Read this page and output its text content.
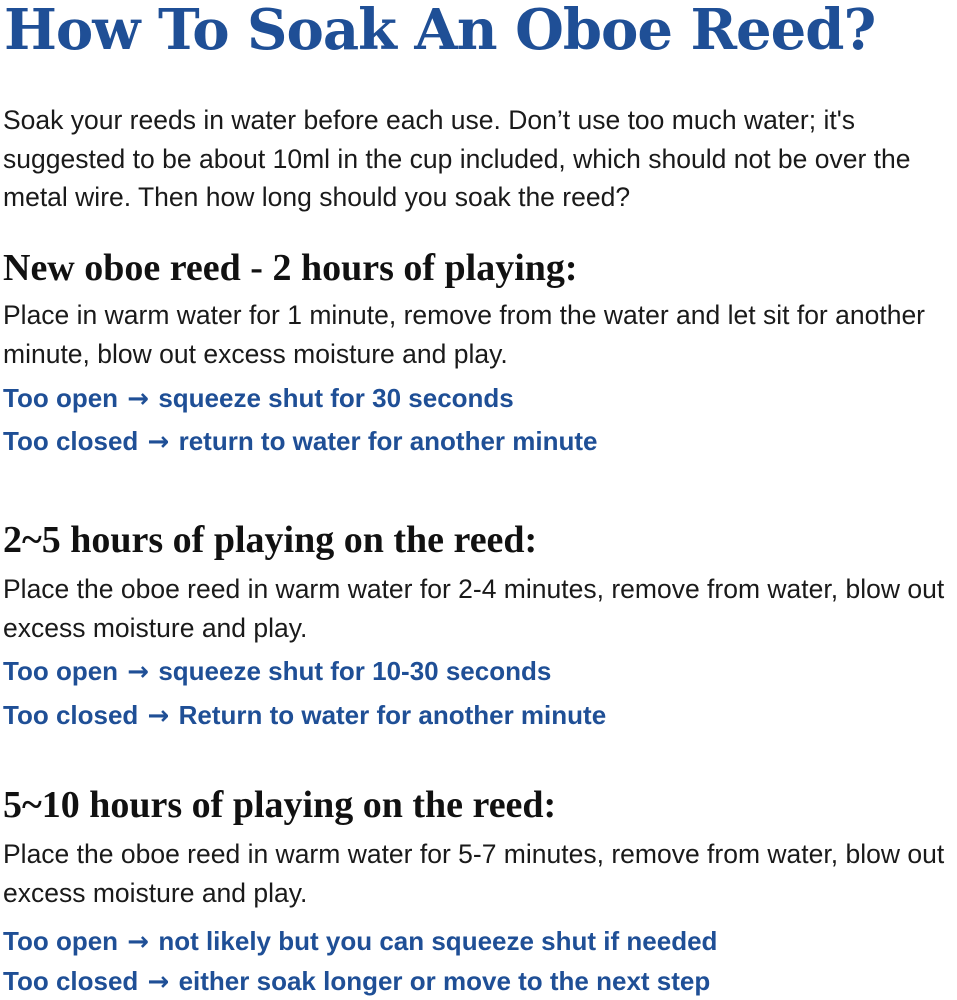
How To Soak An Oboe Reed?

Soak your reeds in water before each use. Don’t use too much water; it's suggested to be about 10ml in the cup included, which should not be over the metal wire. Then how long should you soak the reed?

New oboe reed - 2 hours of playing:

Place in warm water for 1 minute, remove from the water and let sit for another minute, blow out excess moisture and play.

Too open → squeeze shut for 30 seconds

Too closed → return to water for another minute

2~5 hours of playing on the reed:

Place the oboe reed in warm water for 2-4 minutes, remove from water, blow out excess moisture and play.

Too open → squeeze shut for 10-30 seconds

Too closed → Return to water for another minute

5~10 hours of playing on the reed:

Place the oboe reed in warm water for 5-7 minutes, remove from water, blow out excess moisture and play.

Too open → not likely but you can squeeze shut if needed

Too closed → either soak longer or move to the next step
